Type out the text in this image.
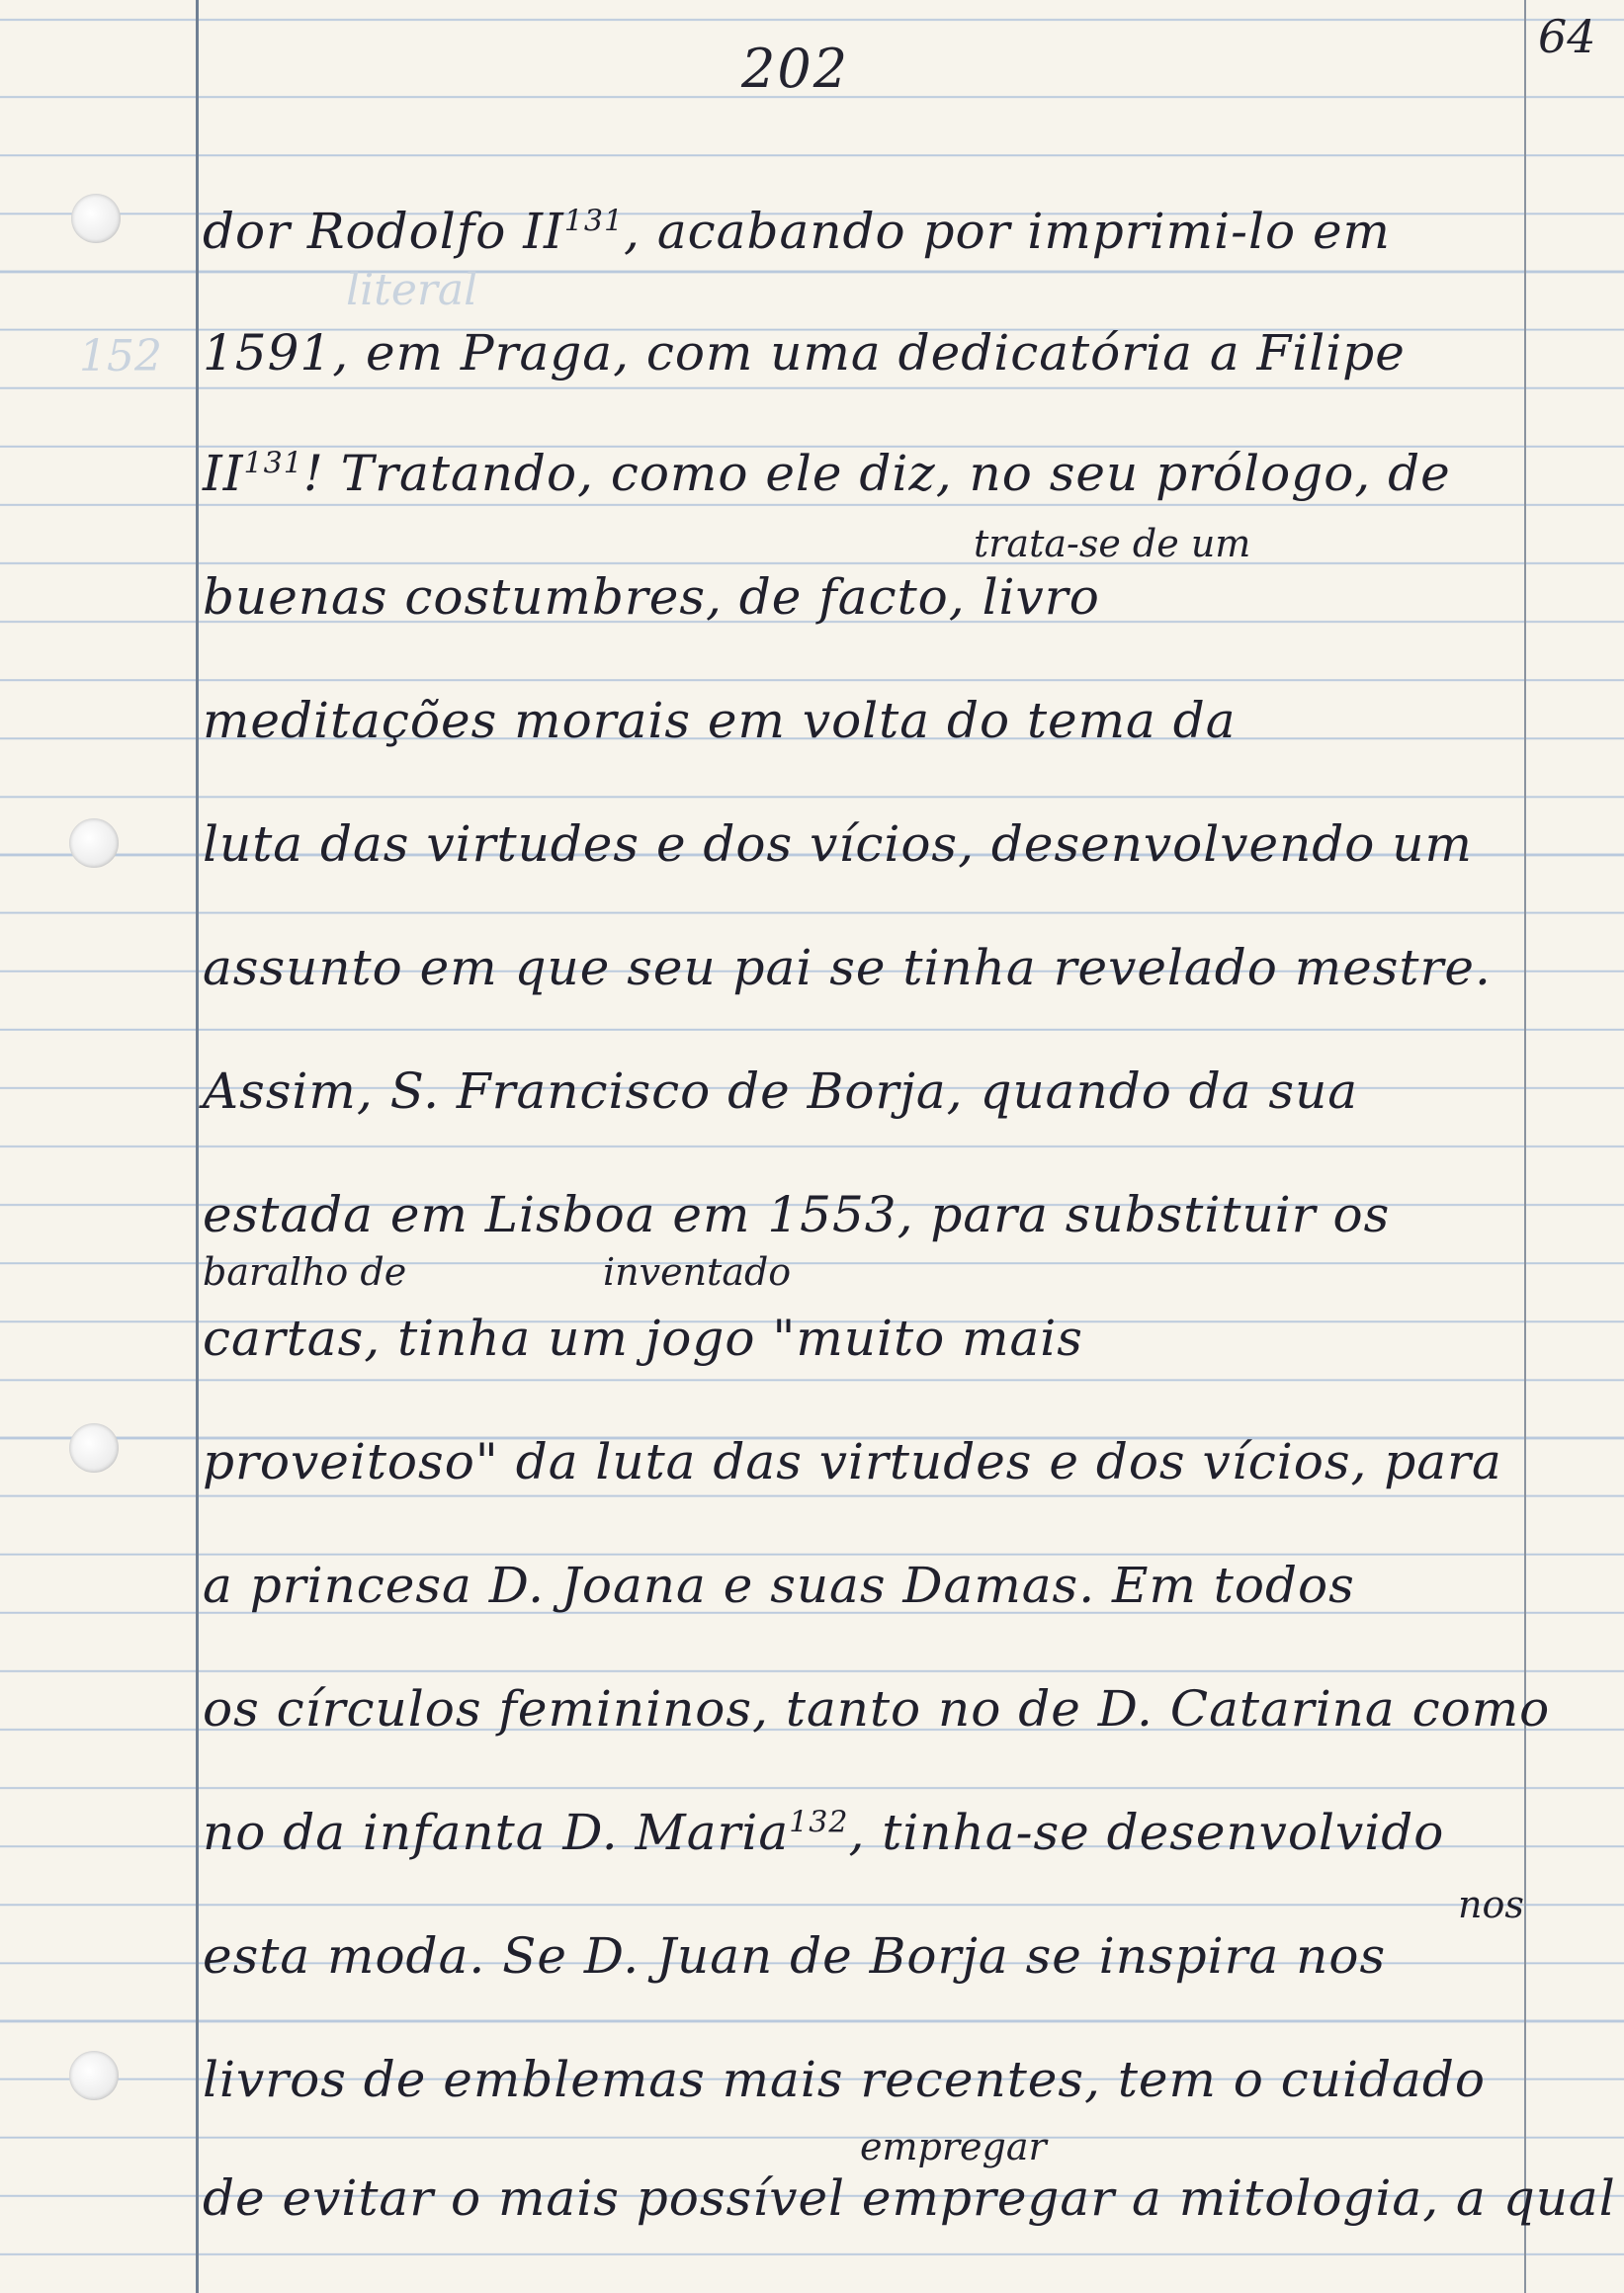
literal
152
202
64
dor Rodolfo II$^{131}$, acabando por imprimi-lo em
1591, em Praga, com uma dedicatória a Filipe
II$^{131}$! Tratando, como ele diz, no seu prólogo, de
trata-se de um
buenas costumbres, de facto, livro
meditações morais em volta do tema da
luta das virtudes e dos vícios, desenvolvendo um
assunto em que seu pai se tinha revelado mestre.
Assim, S. Francisco de Borja, quando da sua
estada em Lisboa em 1553, para substituir os
baralho de	inventado
cartas, tinha um jogo "muito mais
proveitoso" da luta das virtudes e dos vícios, para
a princesa D. Joana e suas Damas. Em todos
os círculos femininos, tanto no de D. Catarina como
no da infanta D. Maria$^{132}$, tinha-se desenvolvido
nos
esta moda. Se D. Juan de Borja se inspira nos
livros de emblemas mais recentes, tem o cuidado
empregar
de evitar o mais possível empregar a mitologia, a qual
